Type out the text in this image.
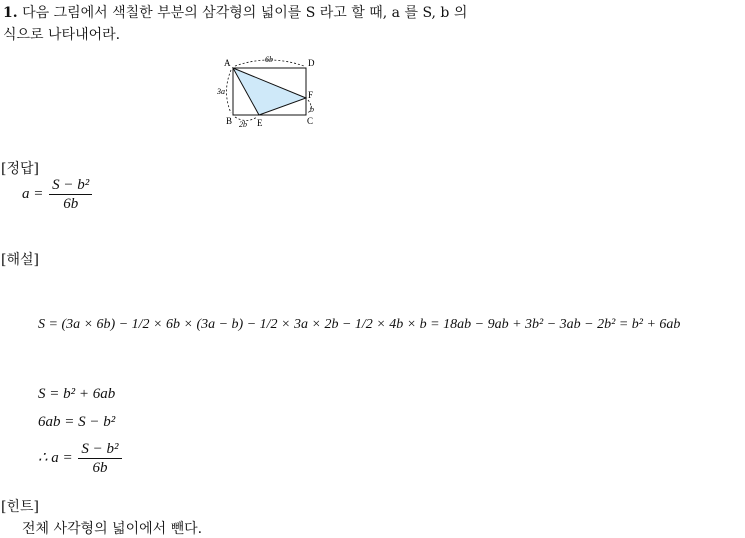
1. 다음 그림에서 색칠한 부분의 삼각형의 넓이를 S 라고 할 때, a 를 S, b 의
식으로 나타내어라.
A	D
B	C
E
F
6b
3a
2b
b
[정답]
$a = \frac{\text{S − b²}}{6b}$
[해설]
S = (3a × 6b) − 1/2 × 6b × (3a − b) − 1/2 × 3a × 2b − 1/2 × 4b × b = 18ab − 9ab + 3b² − 3ab − 2b² = b² + 6ab
S = b² + 6ab
6ab = S − b²
∴ $a = \frac{\text{S − b²}}{6b}$
[힌트]
전체 사각형의 넓이에서 뺀다.
